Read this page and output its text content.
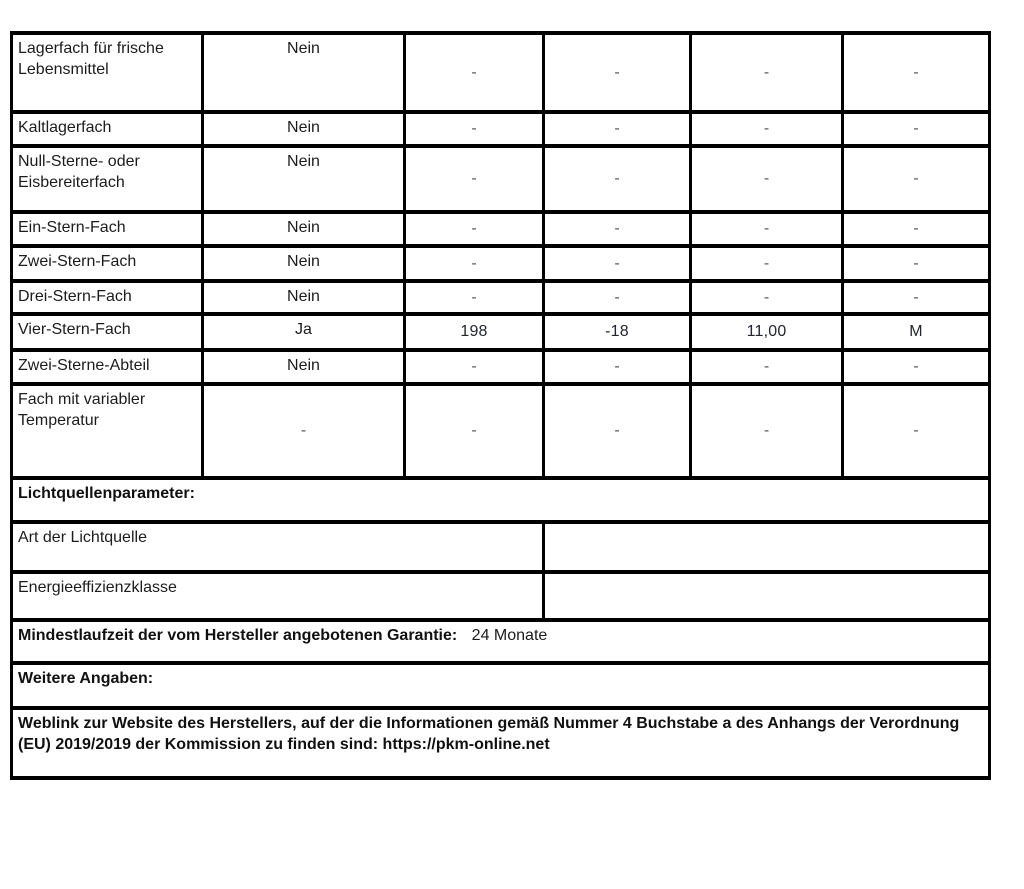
Lagerfach für frische Lebensmittel	Nein	-	-	-	-
Kaltlagerfach	Nein	-	-	-	-
Null-Sterne- oder Eisbereiterfach	Nein	-	-	-	-
Ein-Stern-Fach	Nein	-	-	-	-
Zwei-Stern-Fach	Nein	-	-	-	-
Drei-Stern-Fach	Nein	-	-	-	-
Vier-Stern-Fach	Ja	198	-18	11,00	M
Zwei-Sterne-Abteil	Nein	-	-	-	-
Fach mit variabler Temperatur	-	-	-	-	-
Lichtquellenparameter:					
Art der Lichtquelle					
Energieeffizienzklasse					
Mindestlaufzeit der vom Hersteller angebotenen Garantie: 24 Monate					
Weitere Angaben:					
Weblink zur Website des Herstellers, auf der die Informationen gemäß Nummer 4 Buchstabe a des Anhangs der Verordnung (EU) 2019/2019 der Kommission zu finden sind: https://pkm-online.net					
